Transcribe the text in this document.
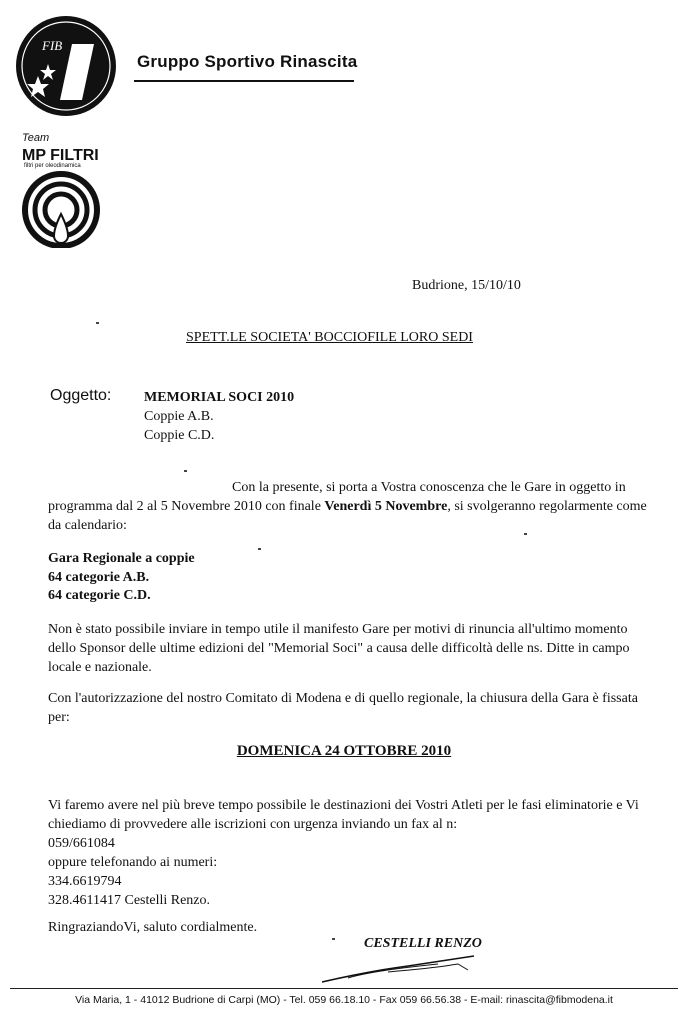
FIB
Gruppo Sportivo Rinascita
Team
MP FILTRI
filtri per oleodinamica
Budrione, 15/10/10
SPETT.LE SOCIETA' BOCCIOFILE LORO SEDI
Oggetto: MEMORIAL SOCI 2010
Coppie A.B.
Coppie C.D.
Con la presente, si porta a Vostra conoscenza che le Gare in oggetto in programma dal 2 al 5 Novembre 2010 con finale Venerdì 5 Novembre, si svolgeranno regolarmente come da calendario:
Gara Regionale a coppie
64 categorie A.B.
64 categorie C.D.
Non è stato possibile inviare in tempo utile il manifesto Gare per motivi di rinuncia all'ultimo momento dello Sponsor delle ultime edizioni del "Memorial Soci" a causa delle difficoltà delle ns. Ditte in campo locale e nazionale.
Con l'autorizzazione del nostro Comitato di Modena e di quello regionale, la chiusura della Gara è fissata per:
DOMENICA 24 OTTOBRE 2010
Vi faremo avere nel più breve tempo possibile le destinazioni dei Vostri Atleti per le fasi eliminatorie e Vi chiediamo di provvedere alle iscrizioni con urgenza inviando un fax al n:
059/661084
oppure telefonando ai numeri:
334.6619794
328.4611417 Cestelli Renzo.
RingraziandoVi, saluto cordialmente.
CESTELLI RENZO
Via Maria, 1 - 41012 Budrione di Carpi (MO) - Tel. 059 66.18.10 - Fax 059 66.56.38 - E-mail: rinascita@fibmodena.it
